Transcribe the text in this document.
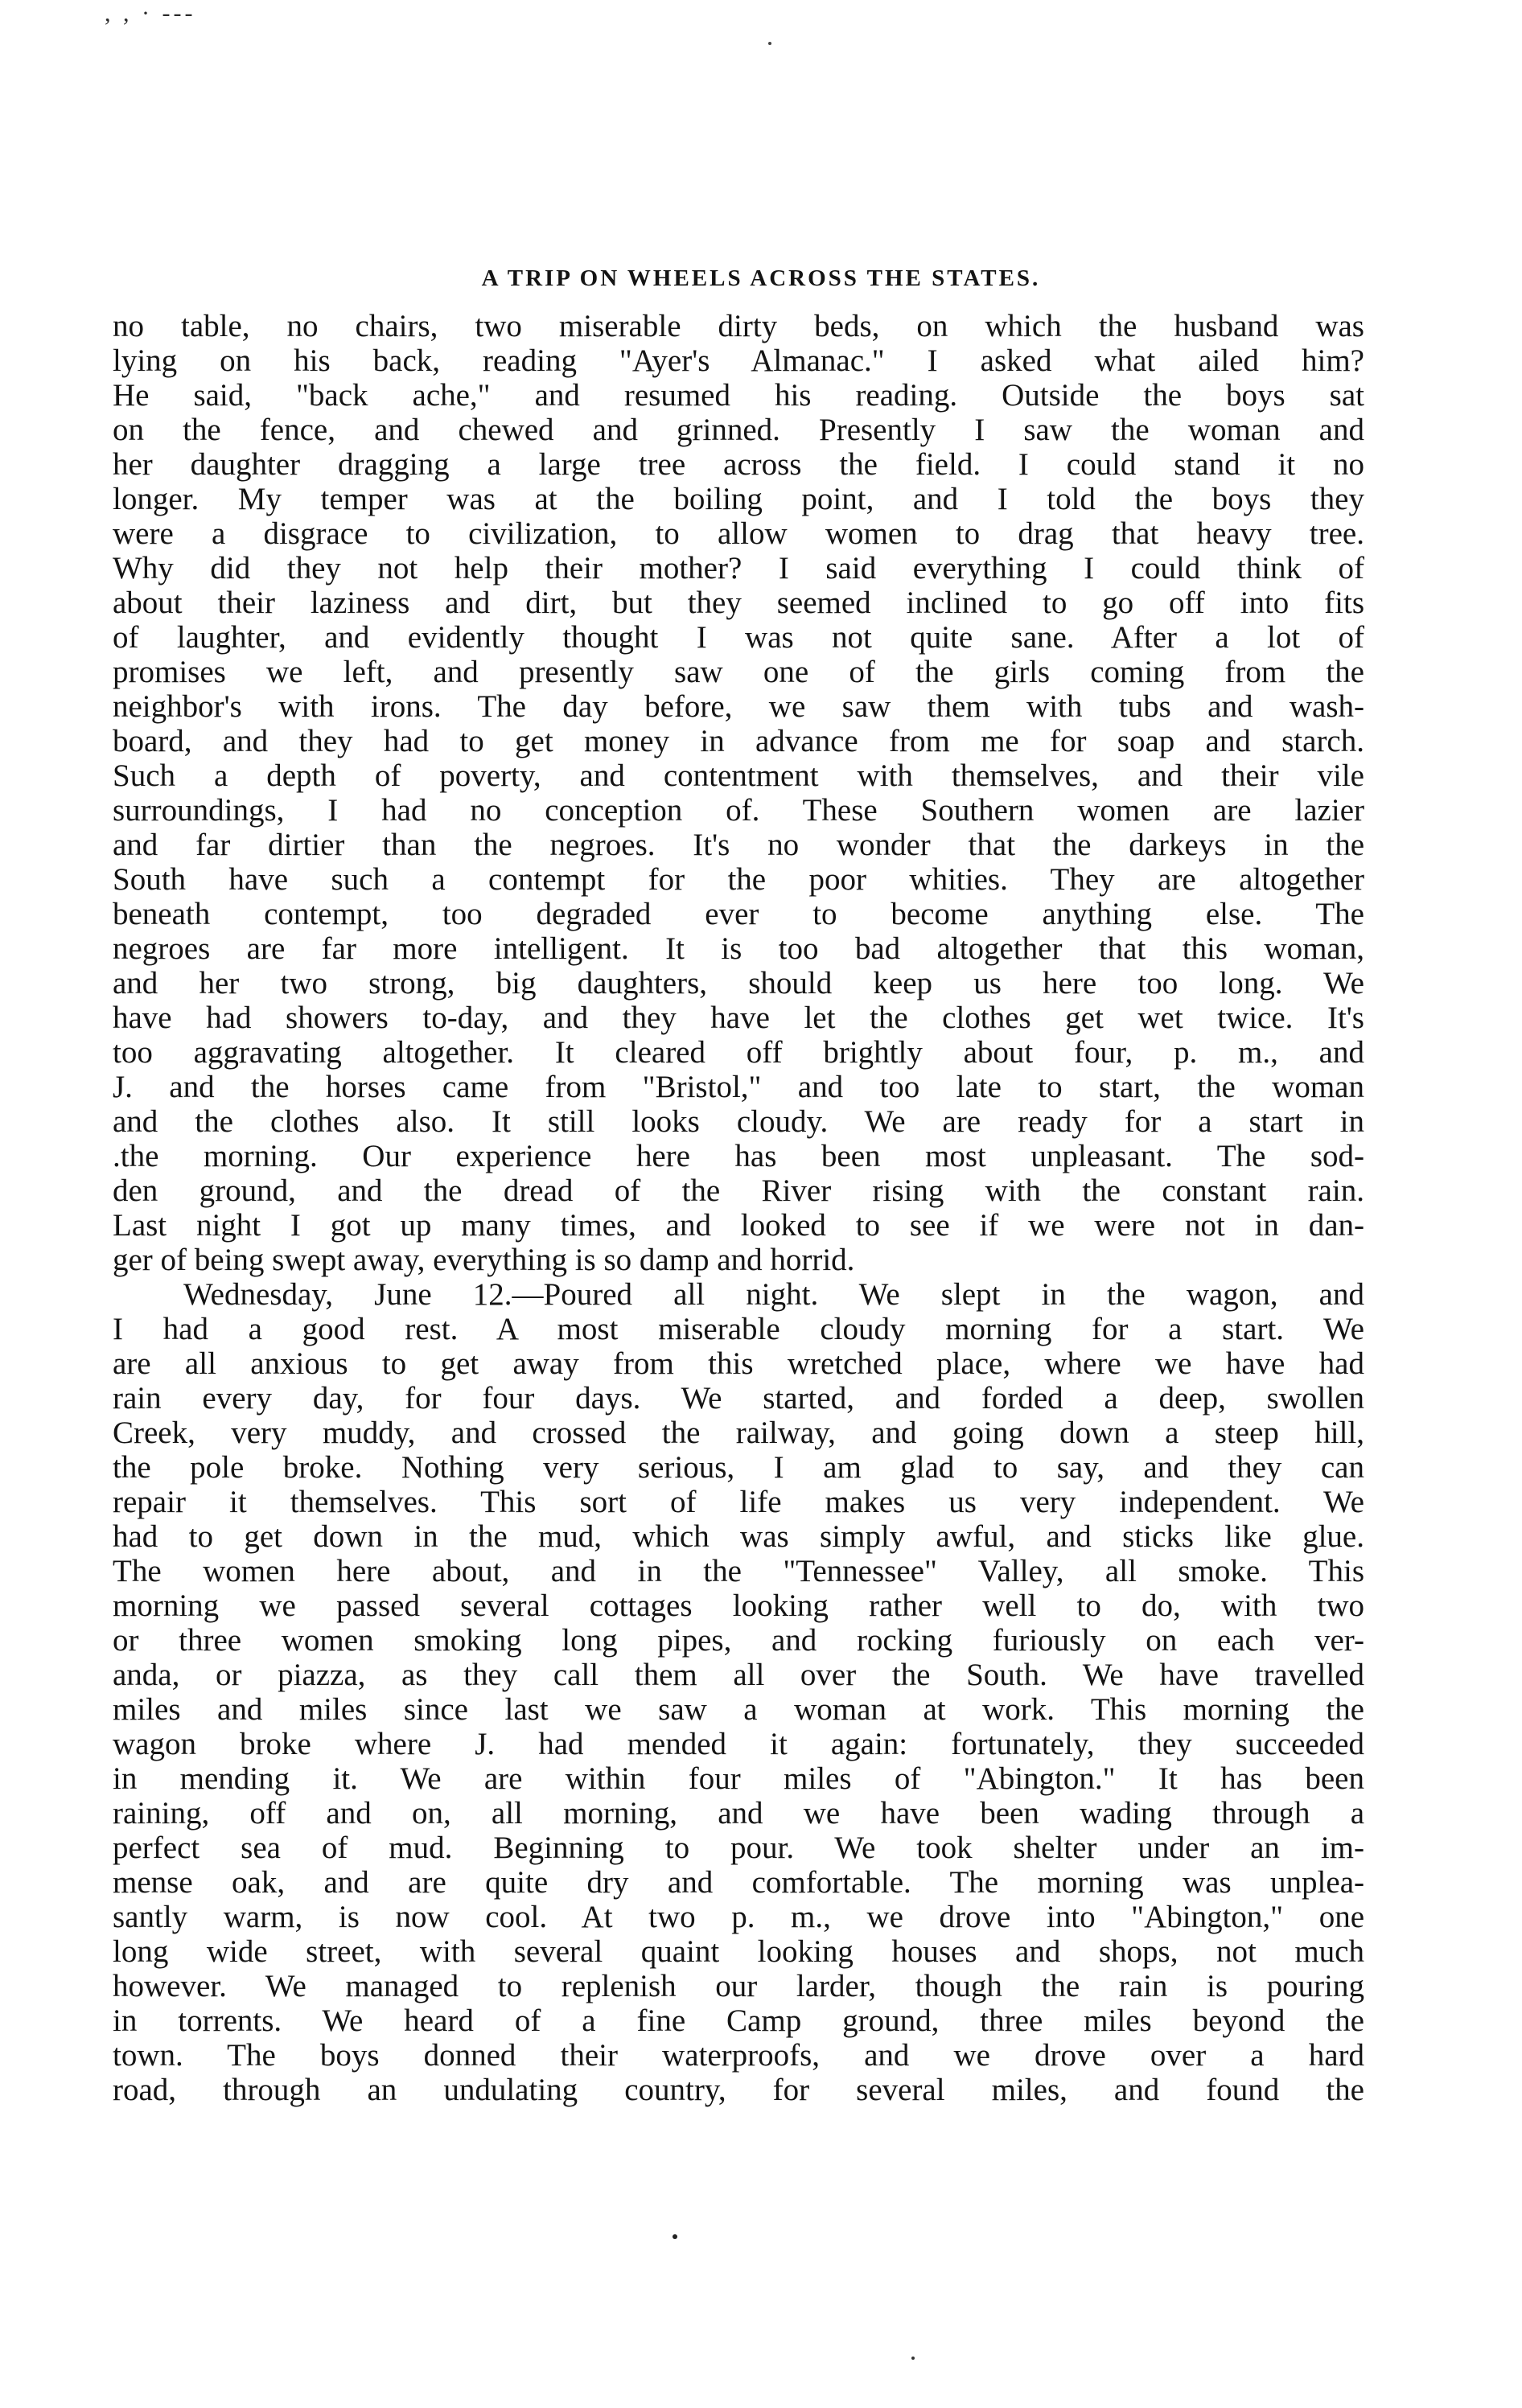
, , · ---
A TRIP ON WHEELS ACROSS THE STATES.
no table, no chairs, two miserable dirty beds, on which the husband was
lying on his back, reading "Ayer's Almanac." I asked what ailed him?
He said, "back ache," and resumed his reading. Outside the boys sat
on the fence, and chewed and grinned. Presently I saw the woman and
her daughter dragging a large tree across the field. I could stand it no
longer. My temper was at the boiling point, and I told the boys they
were a disgrace to civilization, to allow women to drag that heavy tree.
Why did they not help their mother? I said everything I could think of
about their laziness and dirt, but they seemed inclined to go off into fits
of laughter, and evidently thought I was not quite sane. After a lot of
promises we left, and presently saw one of the girls coming from the
neighbor's with irons. The day before, we saw them with tubs and wash-
board, and they had to get money in advance from me for soap and starch.
Such a depth of poverty, and contentment with themselves, and their vile
surroundings, I had no conception of. These Southern women are lazier
and far dirtier than the negroes. It's no wonder that the darkeys in the
South have such a contempt for the poor whities. They are altogether
beneath contempt, too degraded ever to become anything else. The
negroes are far more intelligent. It is too bad altogether that this woman,
and her two strong, big daughters, should keep us here too long. We
have had showers to-day, and they have let the clothes get wet twice. It's
too aggravating altogether. It cleared off brightly about four, p. m., and
J. and the horses came from "Bristol," and too late to start, the woman
and the clothes also. It still looks cloudy. We are ready for a start in
.the morning. Our experience here has been most unpleasant. The sod-
den ground, and the dread of the River rising with the constant rain.
Last night I got up many times, and looked to see if we were not in dan-
ger of being swept away, everything is so damp and horrid.
Wednesday, June 12.—Poured all night. We slept in the wagon, and
I had a good rest. A most miserable cloudy morning for a start. We
are all anxious to get away from this wretched place, where we have had
rain every day, for four days. We started, and forded a deep, swollen
Creek, very muddy, and crossed the railway, and going down a steep hill,
the pole broke. Nothing very serious, I am glad to say, and they can
repair it themselves. This sort of life makes us very independent. We
had to get down in the mud, which was simply awful, and sticks like glue.
The women here about, and in the "Tennessee" Valley, all smoke. This
morning we passed several cottages looking rather well to do, with two
or three women smoking long pipes, and rocking furiously on each ver-
anda, or piazza, as they call them all over the South. We have travelled
miles and miles since last we saw a woman at work. This morning the
wagon broke where J. had mended it again: fortunately, they succeeded
in mending it. We are within four miles of "Abington." It has been
raining, off and on, all morning, and we have been wading through a
perfect sea of mud. Beginning to pour. We took shelter under an im-
mense oak, and are quite dry and comfortable. The morning was unplea-
santly warm, is now cool. At two p. m., we drove into "Abington," one
long wide street, with several quaint looking houses and shops, not much
however. We managed to replenish our larder, though the rain is pouring
in torrents. We heard of a fine Camp ground, three miles beyond the
town. The boys donned their waterproofs, and we drove over a hard
road, through an undulating country, for several miles, and found the
